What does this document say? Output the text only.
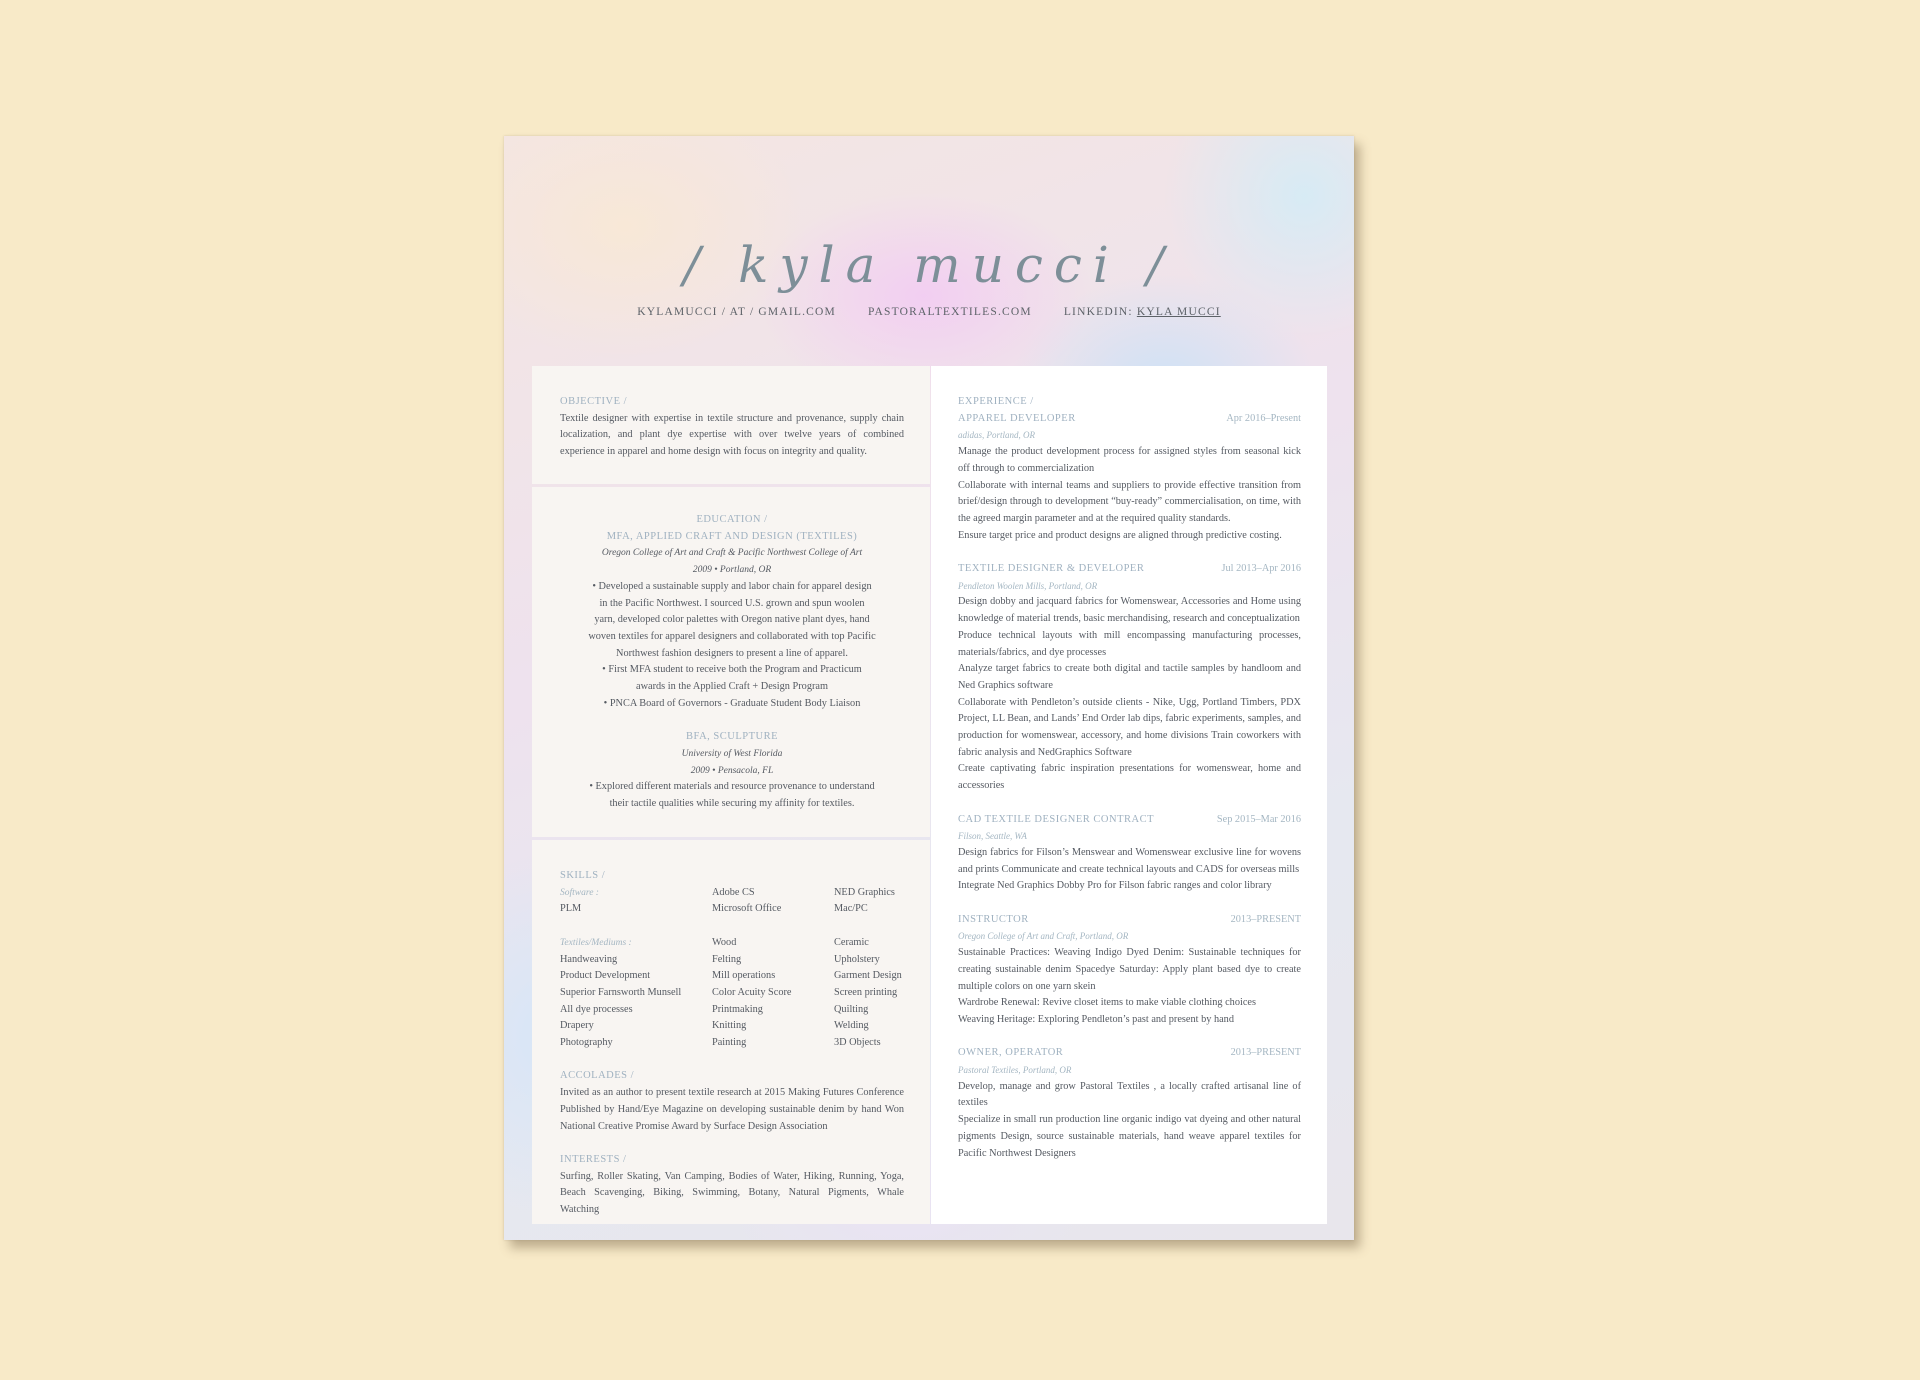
/ kyla mucci /
KYLAMUCCI / AT / GMAIL.COM	PASTORALTEXTILES.COM	LINKEDIN: KYLA MUCCI
OBJECTIVE /

Textile designer with expertise in textile structure and provenance, supply chain localization, and plant dye expertise with over twelve years of combined experience in apparel and home design with focus on integrity and quality.

EDUCATION /
MFA, APPLIED CRAFT AND DESIGN (TEXTILES)
Oregon College of Art and Craft & Pacific Northwest College of Art
2009 • Portland, OR
• Developed a sustainable supply and labor chain for apparel design
in the Pacific Northwest. I sourced U.S. grown and spun woolen
yarn, developed color palettes with Oregon native plant dyes, hand
woven textiles for apparel designers and collaborated with top Pacific
Northwest fashion designers to present a line of apparel.
• First MFA student to receive both the Program and Practicum
awards in the Applied Craft + Design Program
• PNCA Board of Governors - Graduate Student Body Liaison
BFA, SCULPTURE
University of West Florida
2009 • Pensacola, FL
• Explored different materials and resource provenance to understand
their tactile qualities while securing my affinity for textiles.
SKILLS /
Software :	Adobe CS	NED Graphics
PLM	Microsoft Office	Mac/PC
Textiles/Mediums :	Wood	Ceramic
Handweaving	Felting	Upholstery
Product Development	Mill operations	Garment Design
Superior Farnsworth Munsell	Color Acuity Score	Screen printing
All dye processes	Printmaking	Quilting
Drapery	Knitting	Welding
Photography	Painting	3D Objects
ACCOLADES /

Invited as an author to present textile research at 2015 Making Futures Conference Published by Hand/Eye Magazine on developing sustainable denim by hand Won National Creative Promise Award by Surface Design Association

INTERESTS /

Surfing, Roller Skating, Van Camping, Bodies of Water, Hiking, Running, Yoga, Beach Scavenging, Biking, Swimming, Botany, Natural Pigments, Whale Watching

EXPERIENCE /
APPAREL DEVELOPER	Apr 2016–Present
adidas, Portland, OR

Manage the product development process for assigned styles from seasonal kick off through to commercialization

Collaborate with internal teams and suppliers to provide effective transition from brief/design through to development “buy-ready” commercialisation, on time, with the agreed margin parameter and at the required quality standards.

Ensure target price and product designs are aligned through predictive costing.

TEXTILE DESIGNER & DEVELOPER	Jul 2013–Apr 2016
Pendleton Woolen Mills, Portland, OR

Design dobby and jacquard fabrics for Womenswear, Accessories and Home using knowledge of material trends, basic merchandising, research and conceptualization

Produce technical layouts with mill encompassing manufacturing processes, materials/fabrics, and dye processes

Analyze target fabrics to create both digital and tactile samples by handloom and Ned Graphics software

Collaborate with Pendleton’s outside clients - Nike, Ugg, Portland Timbers, PDX Project, LL Bean, and Lands’ End Order lab dips, fabric experiments, samples, and production for womenswear, accessory, and home divisions Train coworkers with fabric analysis and NedGraphics Software

Create captivating fabric inspiration presentations for womenswear, home and accessories

CAD TEXTILE DESIGNER CONTRACT	Sep 2015–Mar 2016
Filson, Seattle, WA

Design fabrics for Filson’s Menswear and Womenswear exclusive line for wovens and prints Communicate and create technical layouts and CADS for overseas mills

Integrate Ned Graphics Dobby Pro for Filson fabric ranges and color library

INSTRUCTOR	2013–PRESENT
Oregon College of Art and Craft, Portland, OR

Sustainable Practices: Weaving Indigo Dyed Denim: Sustainable techniques for creating sustainable denim Spacedye Saturday: Apply plant based dye to create multiple colors on one yarn skein

Wardrobe Renewal: Revive closet items to make viable clothing choices

Weaving Heritage: Exploring Pendleton’s past and present by hand

OWNER, OPERATOR	2013–PRESENT
Pastoral Textiles, Portland, OR

Develop, manage and grow Pastoral Textiles , a locally crafted artisanal line of textiles

Specialize in small run production line organic indigo vat dyeing and other natural pigments Design, source sustainable materials, hand weave apparel textiles for Pacific Northwest Designers
